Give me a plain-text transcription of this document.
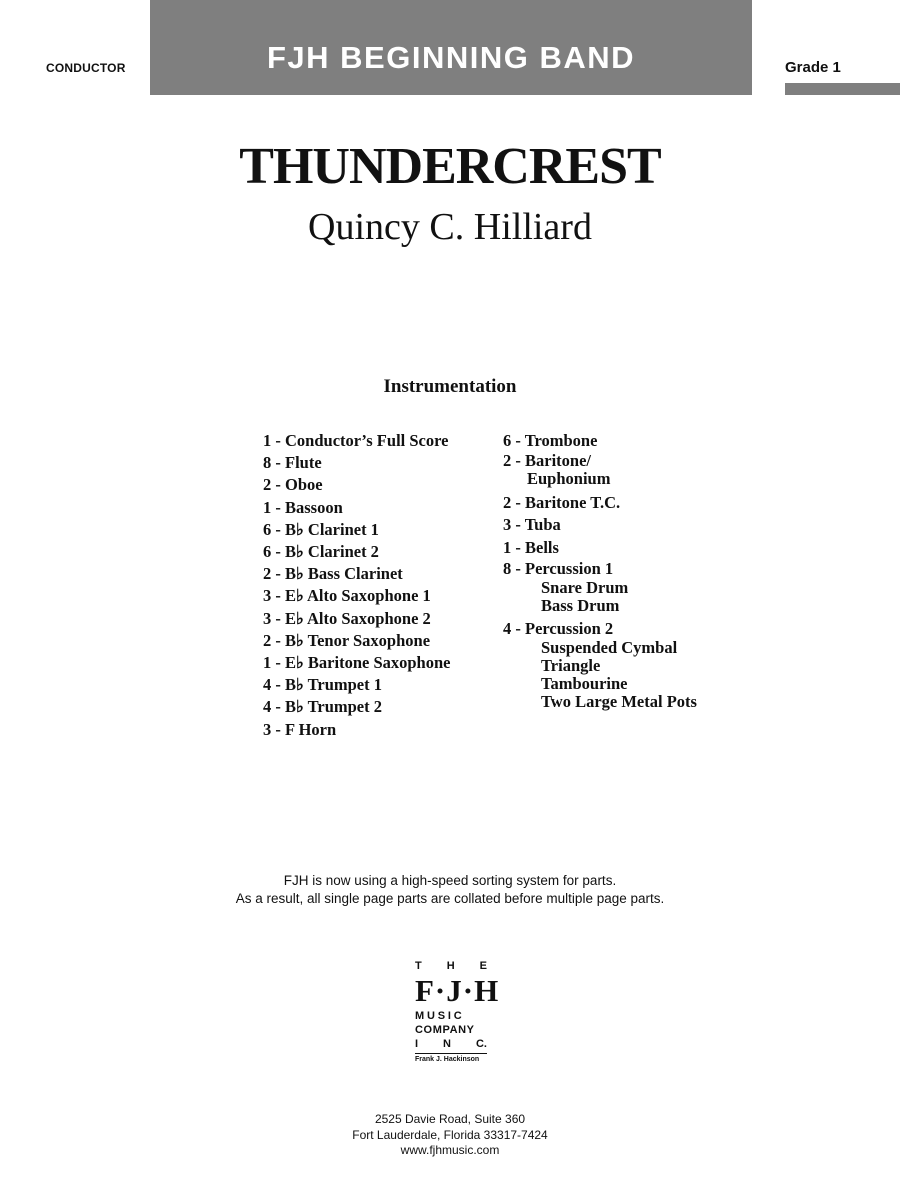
CONDUCTOR	FJH BEGINNING BAND	Grade 1
THUNDERCREST
Quincy C. Hilliard
Instrumentation
1 - Conductor’s Full Score
8 - Flute
2 - Oboe
1 - Bassoon
6 - B♭ Clarinet 1
6 - B♭ Clarinet 2
2 - B♭ Bass Clarinet
3 - E♭ Alto Saxophone 1
3 - E♭ Alto Saxophone 2
2 - B♭ Tenor Saxophone
1 - E♭ Baritone Saxophone
4 - B♭ Trumpet 1
4 - B♭ Trumpet 2
3 - F Horn
6 - Trombone
2 - Baritone/
Euphonium
2 - Baritone T.C.
3 - Tuba
1 - Bells
8 - Percussion 1
Snare Drum
Bass Drum
4 - Percussion 2
Suspended Cymbal
Triangle
Tambourine
Two Large Metal Pots
FJH is now using a high-speed sorting system for parts.
As a result, all single page parts are collated before multiple page parts.
T H E
F·J·H
MUSIC
COMPANY
I N C.
Frank J. Hackinson
2525 Davie Road, Suite 360
Fort Lauderdale, Florida 33317-7424
www.fjhmusic.com
